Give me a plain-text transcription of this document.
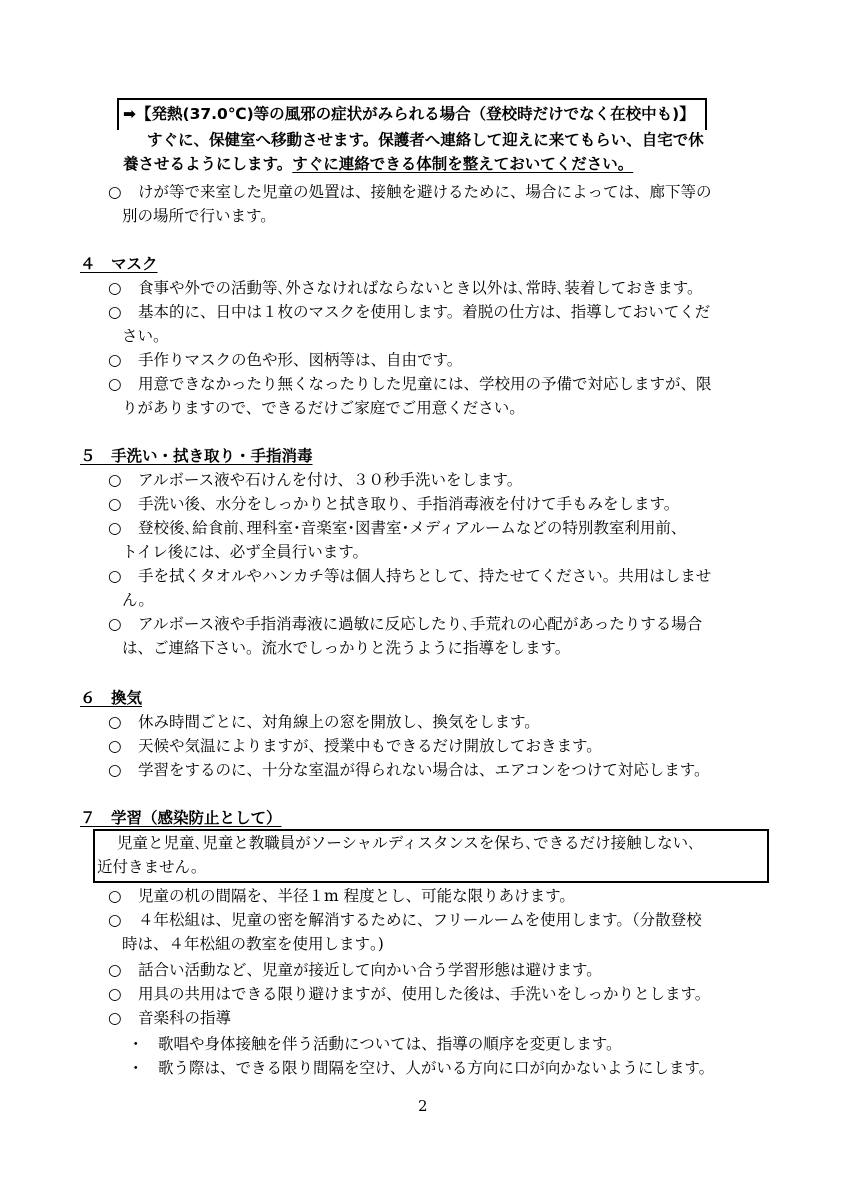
➡【発熱(37.0℃)等の風邪の症状がみられる場合（登校時だけでなく在校中も)】
すぐに、保健室へ移動させます。保護者へ連絡して迎えに来てもらい、自宅で休
養させるようにします。すぐに連絡できる体制を整えておいてください。
○ けが等で来室した児童の処置は、接触を避けるために、場合によっては、廊下等の
別の場所で行います。
４　マスク
○ 食事や外での活動等､外さなければならないとき以外は､常時､装着しておきます。
○ 基本的に、日中は１枚のマスクを使用します。着脱の仕方は、指導しておいてくだ
さい。
○ 手作りマスクの色や形、図柄等は、自由です。
○ 用意できなかったり無くなったりした児童には、学校用の予備で対応しますが、限
りがありますので、できるだけご家庭でご用意ください。
５　手洗い・拭き取り・手指消毒
○ アルボース液や石けんを付け、３０秒手洗いをします。
○ 手洗い後、水分をしっかりと拭き取り、手指消毒液を付けて手もみをします。
○ 登校後､給食前､理科室･音楽室･図書室･メディアルームなどの特別教室利用前、
トイレ後には、必ず全員行います。
○ 手を拭くタオルやハンカチ等は個人持ちとして、持たせてください。共用はしませ
ん。
○ アルボース液や手指消毒液に過敏に反応したり､手荒れの心配があったりする場合
は、ご連絡下さい。流水でしっかりと洗うように指導をします。
６　換気
○ 休み時間ごとに、対角線上の窓を開放し、換気をします。
○ 天候や気温によりますが、授業中もできるだけ開放しておきます。
○ 学習をするのに、十分な室温が得られない場合は、エアコンをつけて対応します。
７　学習（感染防止として）
児童と児童､児童と教職員がソーシャルディスタンスを保ち､できるだけ接触しない､
近付きません。
○ 児童の机の間隔を、半径１m 程度とし、可能な限りあけます。
○ ４年松組は、児童の密を解消するために、フリールームを使用します。（分散登校
時は、４年松組の教室を使用します｡)
○ 話合い活動など、児童が接近して向かい合う学習形態は避けます。
○ 用具の共用はできる限り避けますが、使用した後は、手洗いをしっかりとします。
○ 音楽科の指導
・ 歌唱や身体接触を伴う活動については、指導の順序を変更します。
・ 歌う際は、できる限り間隔を空け、人がいる方向に口が向かないようにします。
2
